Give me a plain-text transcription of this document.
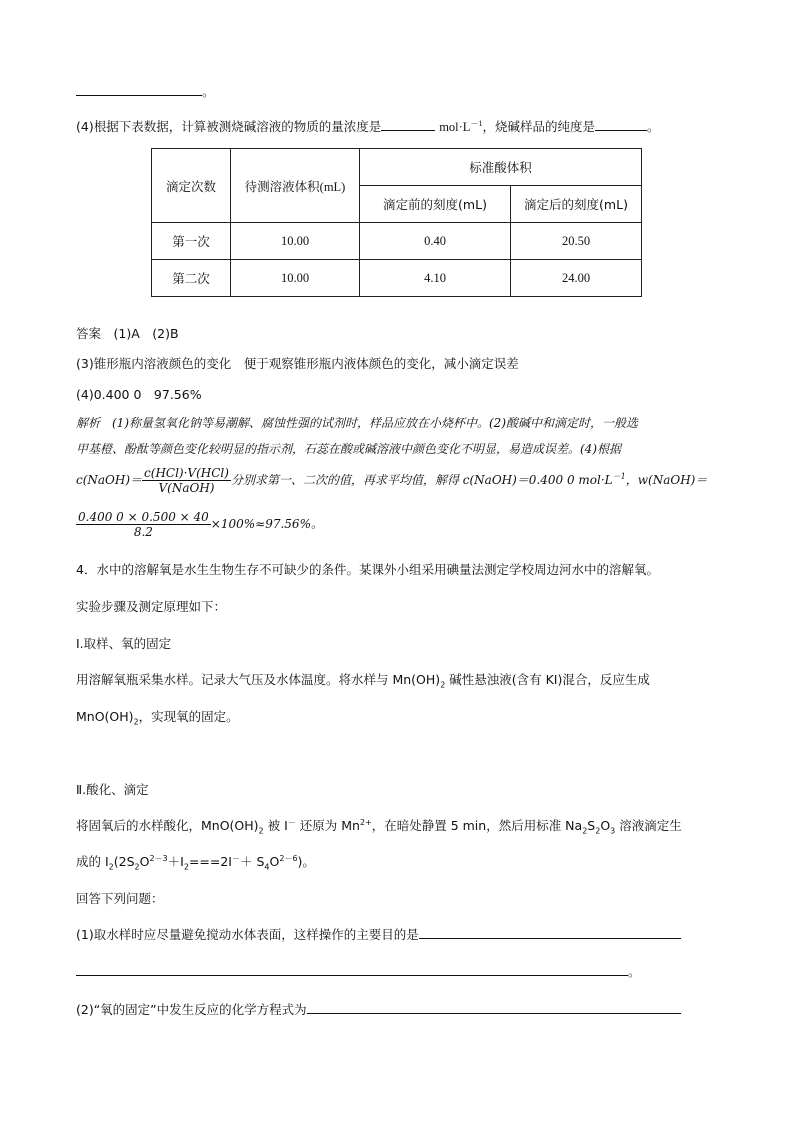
。
(4)根据下表数据，计算被测烧碱溶液的物质的量浓度是	$mol\cdot L^{-1}$，烧碱样品的纯度是	。
滴定次数	待测溶液体积(mL)	标准酸体积	
		滴定前的刻度(mL)	滴定后的刻度(mL)
第一次	10.00	0.40	20.50
第二次	10.00	4.10	24.00
答案　(1)A　(2)B
(3)锥形瓶内溶液颜色的变化　便于观察锥形瓶内液体颜色的变化，减小滴定误差
(4)0.400 0　97.56%
解析　(1)称量氢氧化钠等易潮解、腐蚀性强的试剂时，样品应放在小烧杯中。(2)酸碱中和滴定时，一般选
甲基橙、酚酞等颜色变化较明显的指示剂，石蕊在酸或碱溶液中颜色变化不明显，易造成误差。(4)根据
c(NaOH)＝ $\frac{\text{c(HCl)·V(HCl)}}{\text{V(NaOH)}}$ 分别求第一、二次的值，再求平均值，解得 c(NaOH)＝0.400 0 $mol\cdot L^{-1}$，w(NaOH)＝
$\frac{0.400 0 \times 0.500 \times 40}{8.2} \times 100\%\approx 97.56\%$。
4．水中的溶解氧是水生生物生存不可缺少的条件。某课外小组采用碘量法测定学校周边河水中的溶解氧。
实验步骤及测定原理如下：
Ⅰ.取样、氧的固定
用溶解氧瓶采集水样。记录大气压及水体温度。将水样与 $Mn(OH)_2$ 碱性悬浊液(含有 KI)混合，反应生成
$MnO(OH)_2$，实现氧的固定。
Ⅱ.酸化、滴定
将固氧后的水样酸化，$MnO(OH)_2$ 被 I－ 还原为 $Mn^{2+}$，在暗处静置 5 min，然后用标准 $Na_2S_2O_3$ 溶液滴定生
成的 $I_2(2S_2O^{2-3}+I_2===2I^-+ S_4O^{2-6})$。
回答下列问题：
(1)取水样时应尽量避免搅动水体表面，这样操作的主要目的是
。
(2)“氧的固定”中发生反应的化学方程式为
